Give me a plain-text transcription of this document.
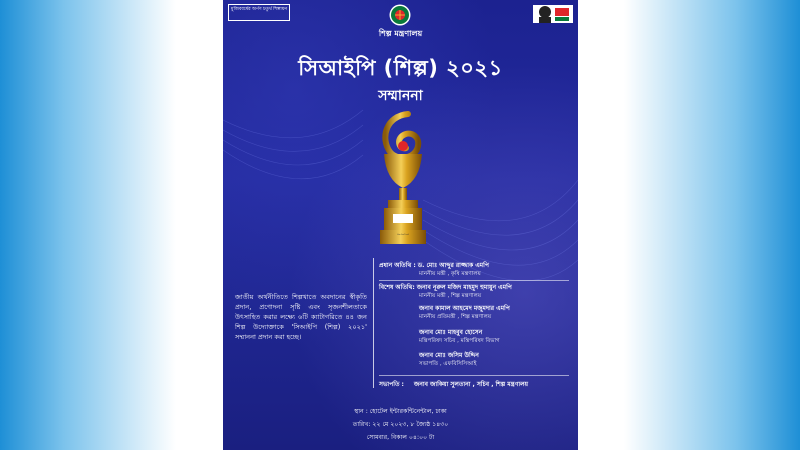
মুজিববর্ষের অর্পণ চতুর্থ শিল্পায়ন
শিল্প মন্ত্রণালয়
সিআইপি (শিল্প) ২০২১
সম্মাননা
শিল্প মন্ত্রণালয়
জাতীয় অর্থনীতিতে শিল্পখাতে অবদানের স্বীকৃতি প্রদান, প্রণোদনা সৃষ্টি এবং সৃজনশীলতাকে উৎসাহিত করার লক্ষ্যে ৬টি ক্যাটাগরিতে ৪৪ জন শিল্প উদ্যোক্তাকে 'সিআইপি (শিল্প) ২০২১' সম্মাননা প্রদান করা হচ্ছে।
প্রধান অতিথি : ড. মোঃ আব্দুর রাজ্জাক এমপি
মাননীয় মন্ত্রী , কৃষি মন্ত্রণালয়
বিশেষ অতিথি: জনাব নূরুল মজিদ মাহমুদ হুমায়ুন এমপি
মাননীয় মন্ত্রী , শিল্প মন্ত্রণালয়
জনাব কামাল আহমেদ মজুমদার এমপি
মাননীয় প্রতিমন্ত্রী , শিল্প মন্ত্রণালয়
জনাব মোঃ মাহবুব হোসেন
মন্ত্রিপরিষদ সচিব , মন্ত্রিপরিষদ বিভাগ
জনাব মোঃ জসিম উদ্দিন
সভাপতি , এফবিসিসিআই
সভাপতি : জনাব জাকিয়া সুলতানা , সচিব , শিল্প মন্ত্রণালয়
স্থান : হোটেল ইন্টারকন্টিনেন্টাল, ঢাকা
তারিখ: ২২ মে ২০২৩, ৮ জ্যৈষ্ঠ ১৪৩০
সোমবার, বিকাল ০৪:০০ টা
